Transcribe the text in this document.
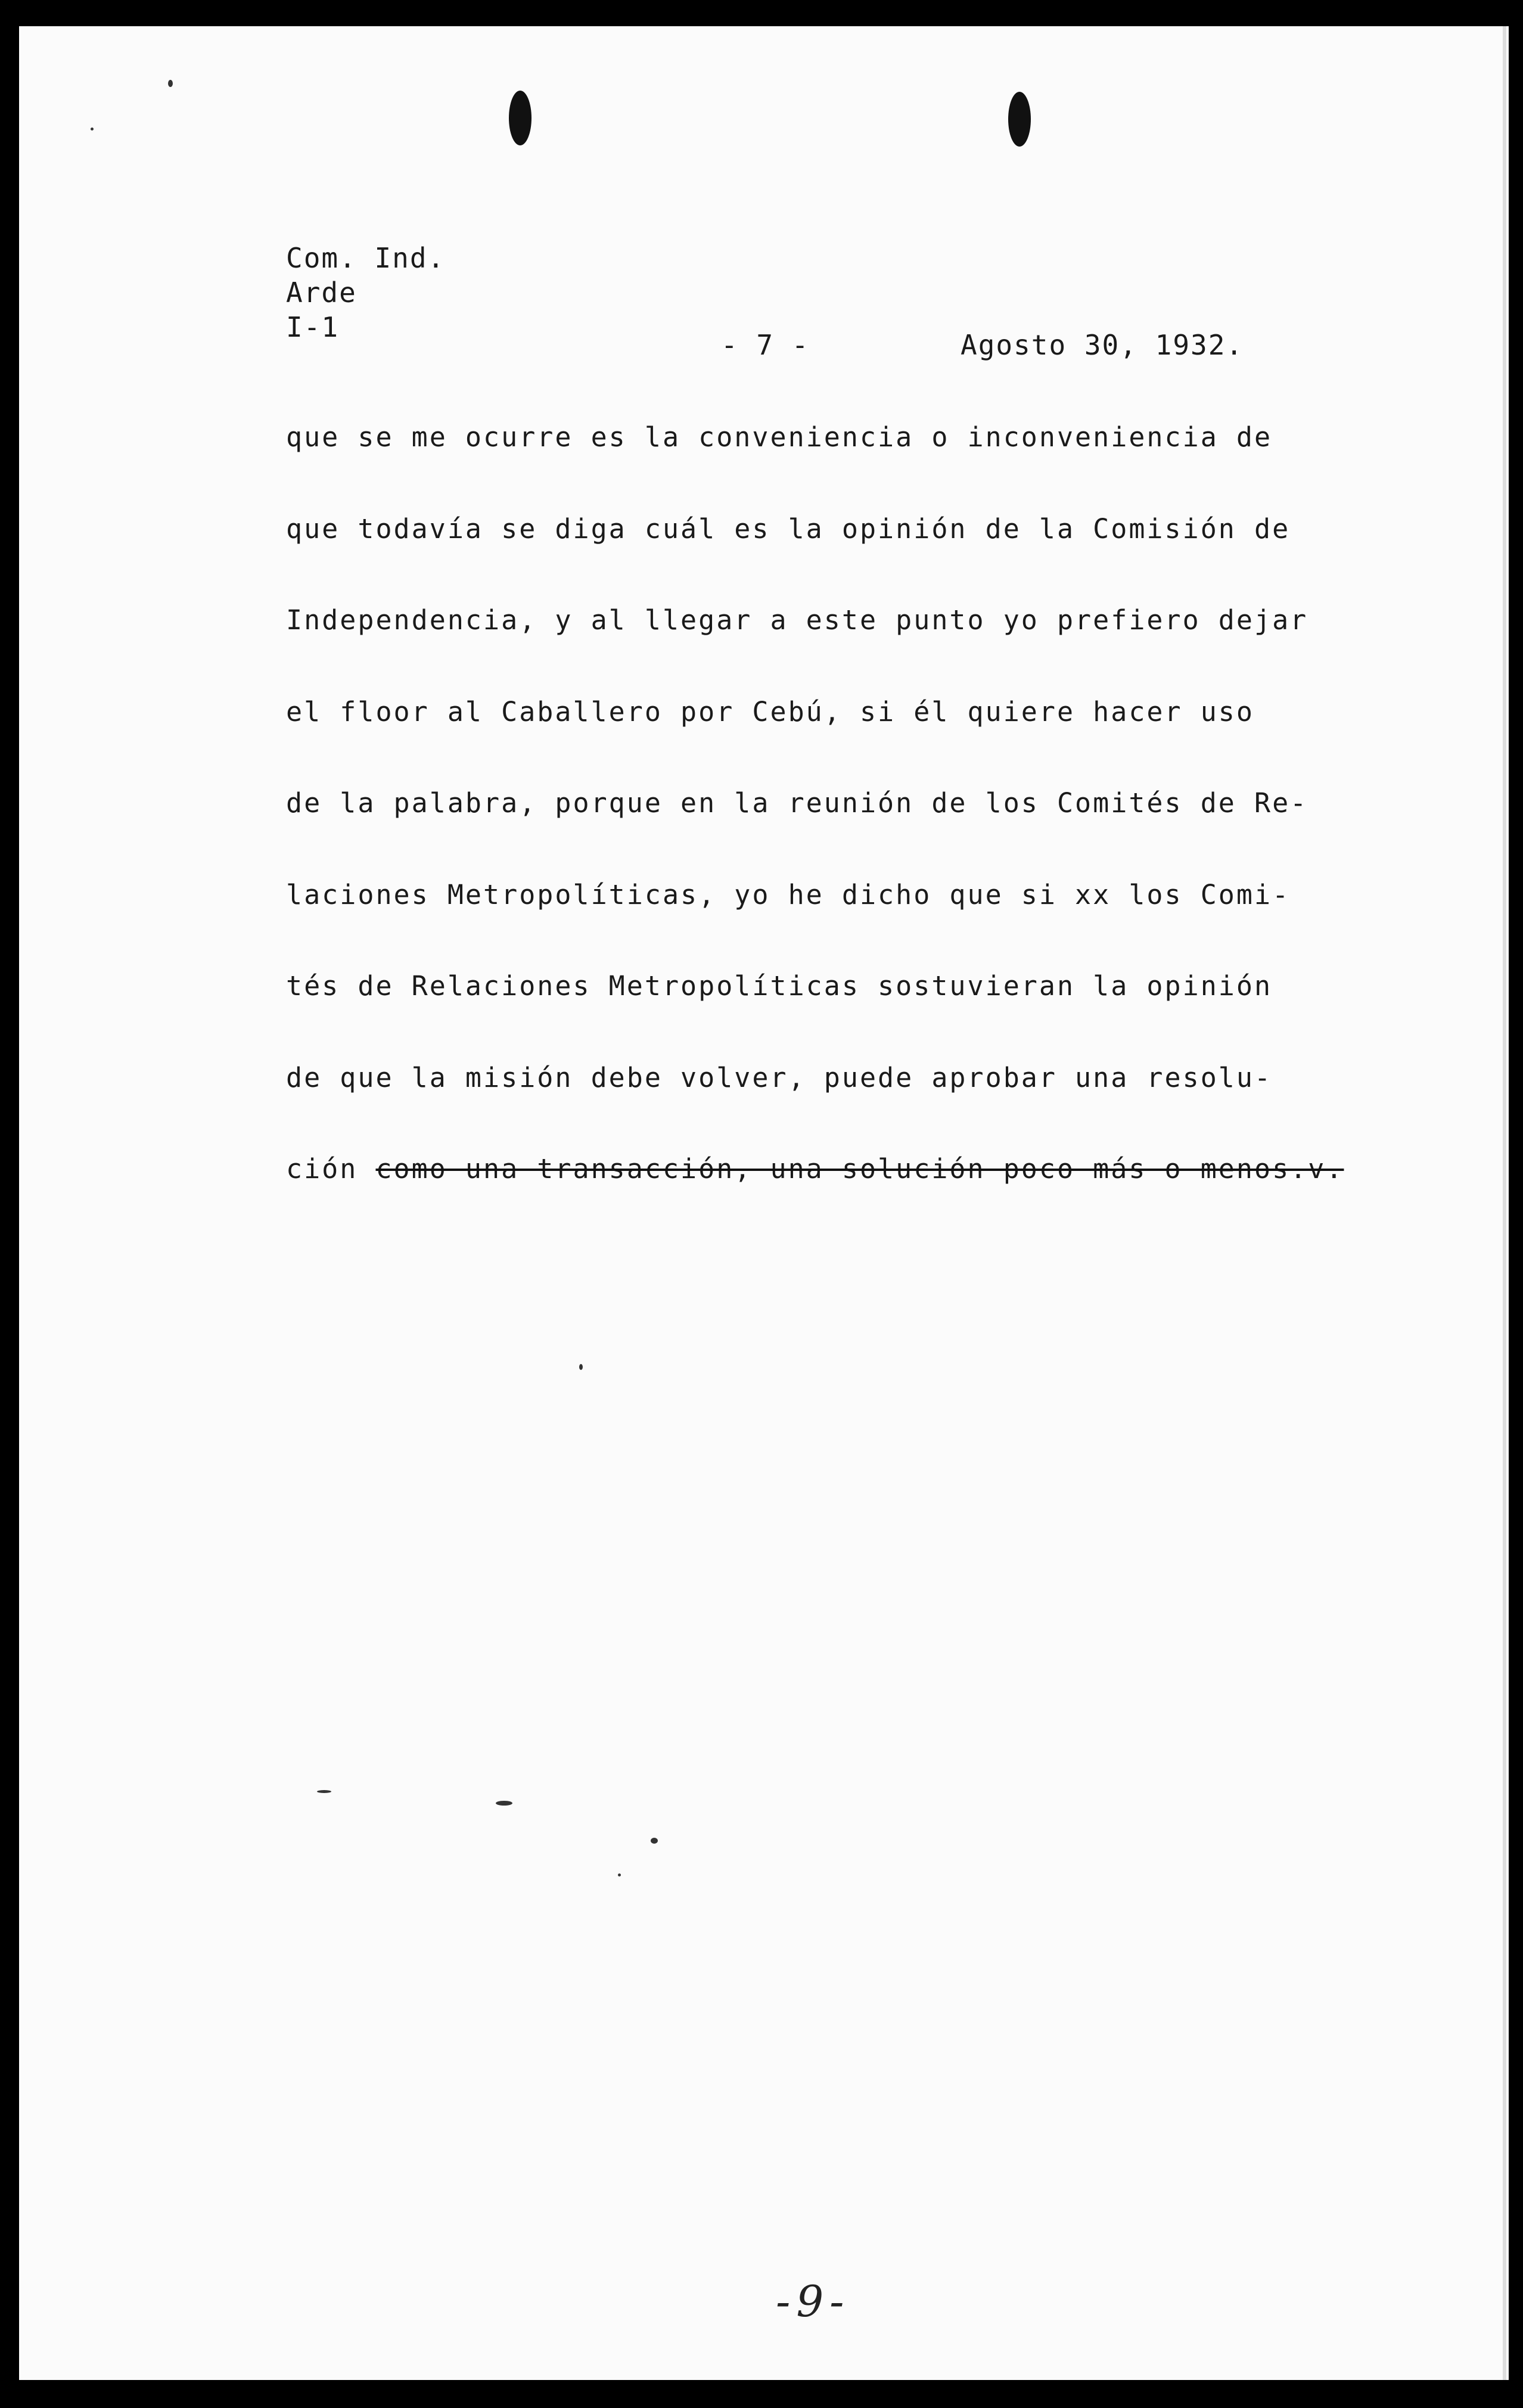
Com. Ind.
Arde
I-1
- 7 -	Agosto 30, 1932.
que se me ocurre es la conveniencia o inconveniencia de
que todavía se diga cuál es la opinión de la Comisión de
Independencia, y al llegar a este punto yo prefiero dejar
el floor al Caballero por Cebú, si él quiere hacer uso
de la palabra, porque en la reunión de los Comités de Re-
laciones Metropolíticas, yo he dicho que si xx los Comi-
tés de Relaciones Metropolíticas sostuvieran la opinión
de que la misión debe volver, puede aprobar una resolu-
ción como una transacción, una solución poco más o menos.v.
-9-
